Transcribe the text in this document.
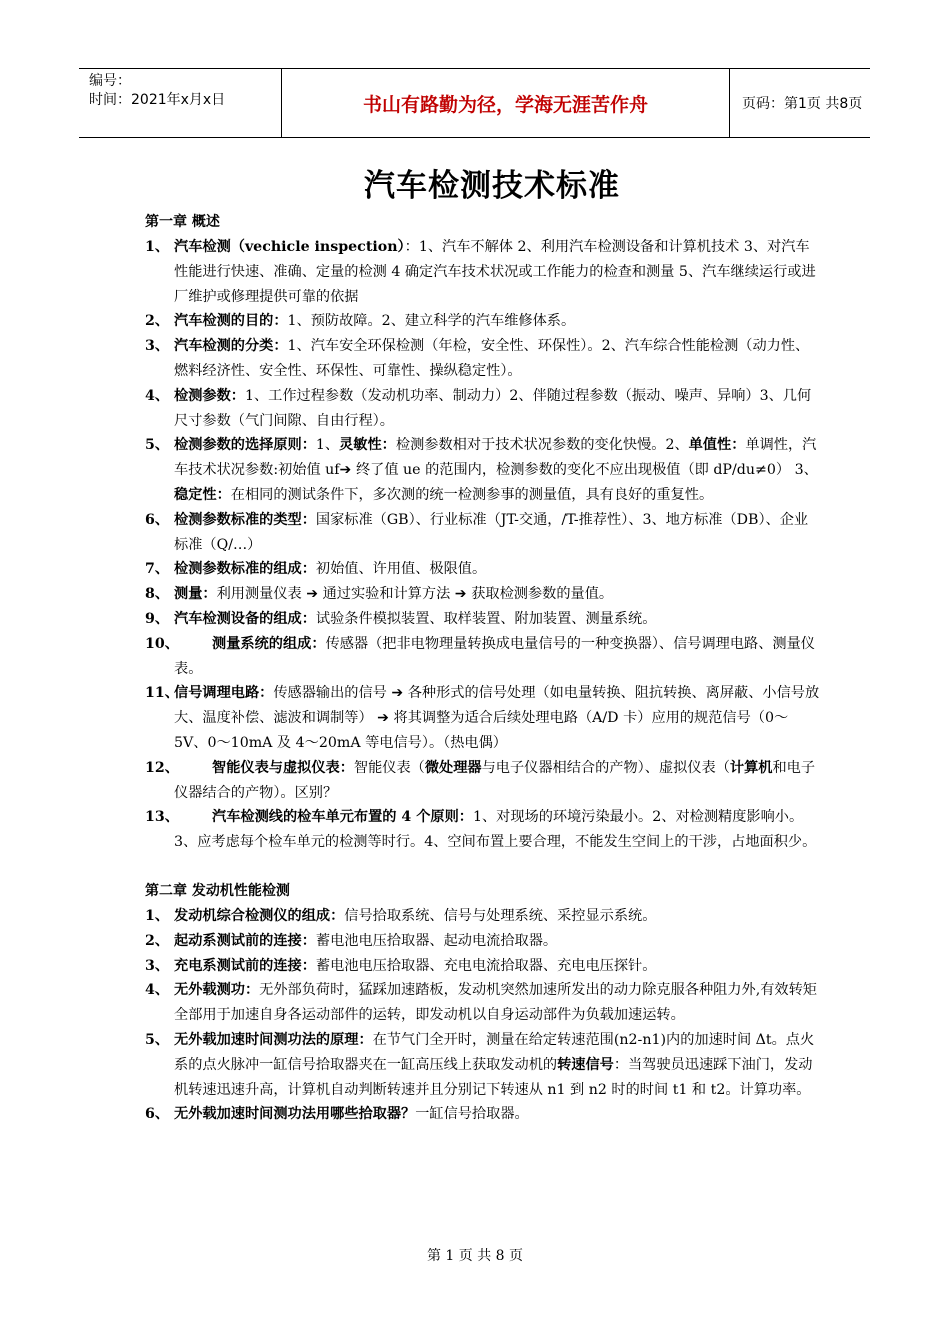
编号：
时间：2021年x月x日	书山有路勤为径，学海无涯苦作舟	页码：第1页 共8页
汽车检测技术标准
第一章 概述
1、 汽车检测（vechicle inspection）：1、汽车不解体 2、利用汽车检测设备和计算机技术 3、对汽车性能进行快速、准确、定量的检测 4 确定汽车技术状况或工作能力的检查和测量 5、汽车继续运行或进厂维护或修理提供可靠的依据
2、 汽车检测的目的：1、预防故障。2、建立科学的汽车维修体系。
3、 汽车检测的分类：1、汽车安全环保检测（年检，安全性、环保性）。2、汽车综合性能检测（动力性、燃料经济性、安全性、环保性、可靠性、操纵稳定性）。
4、 检测参数：1、工作过程参数（发动机功率、制动力）2、伴随过程参数（振动、噪声、异响）3、几何尺寸参数（气门间隙、自由行程）。
5、 检测参数的选择原则：1、灵敏性：检测参数相对于技术状况参数的变化快慢。2、单值性：单调性，汽车技术状况参数:初始值 uf➔ 终了值 ue 的范围内，检测参数的变化不应出现极值（即 dP/du≠0） 3、稳定性：在相同的测试条件下，多次测的统一检测参事的测量值，具有良好的重复性。
6、 检测参数标准的类型：国家标准（GB）、行业标准（JT-交通，/T-推荐性）、3、地方标准（DB）、企业标准（Q/…）
7、 检测参数标准的组成：初始值、许用值、极限值。
8、 测量：利用测量仪表 ➔ 通过实验和计算方法 ➔ 获取检测参数的量值。
9、 汽车检测设备的组成：试验条件模拟装置、取样装置、附加装置、测量系统。
10、 测量系统的组成：传感器（把非电物理量转换成电量信号的一种变换器）、信号调理电路、测量仪表。
11、
信号调理电路：传感器输出的信号 ➔ 各种形式的信号处理（如电量转换、阻抗转换、离屏蔽、小信号放大、温度补偿、滤波和调制等） ➔ 将其调整为适合后续处理电路（A/D 卡）应用的规范信号（0～5V、0～10mA 及 4～20mA 等电信号）。（热电偶）
12、 智能仪表与虚拟仪表：智能仪表（微处理器与电子仪器相结合的产物）、虚拟仪表（计算机和电子仪器结合的产物）。区别？
13、 汽车检测线的检车单元布置的 4 个原则：1、对现场的环境污染最小。2、对检测精度影响小。3、应考虑每个检车单元的检测等时行。4、空间布置上要合理，不能发生空间上的干涉，占地面积少。
第二章 发动机性能检测
1、 发动机综合检测仪的组成：信号拾取系统、信号与处理系统、采控显示系统。
2、 起动系测试前的连接：蓄电池电压拾取器、起动电流拾取器。
3、 充电系测试前的连接：蓄电池电压拾取器、充电电流拾取器、充电电压探针。
4、 无外载测功：无外部负荷时，猛踩加速踏板，发动机突然加速所发出的动力除克服各种阻力外,有效转矩全部用于加速自身各运动部件的运转，即发动机以自身运动部件为负载加速运转。
5、 无外载加速时间测功法的原理：在节气门全开时，测量在给定转速范围(n2-n1)内的加速时间 Δt。点火系的点火脉冲一缸信号拾取器夹在一缸高压线上获取发动机的转速信号：当驾驶员迅速踩下油门，发动机转速迅速升高，计算机自动判断转速并且分别记下转速从 n1 到 n2 时的时间 t1 和 t2。计算功率。
6、 无外载加速时间测功法用哪些拾取器？一缸信号拾取器。
第 1 页 共 8 页
